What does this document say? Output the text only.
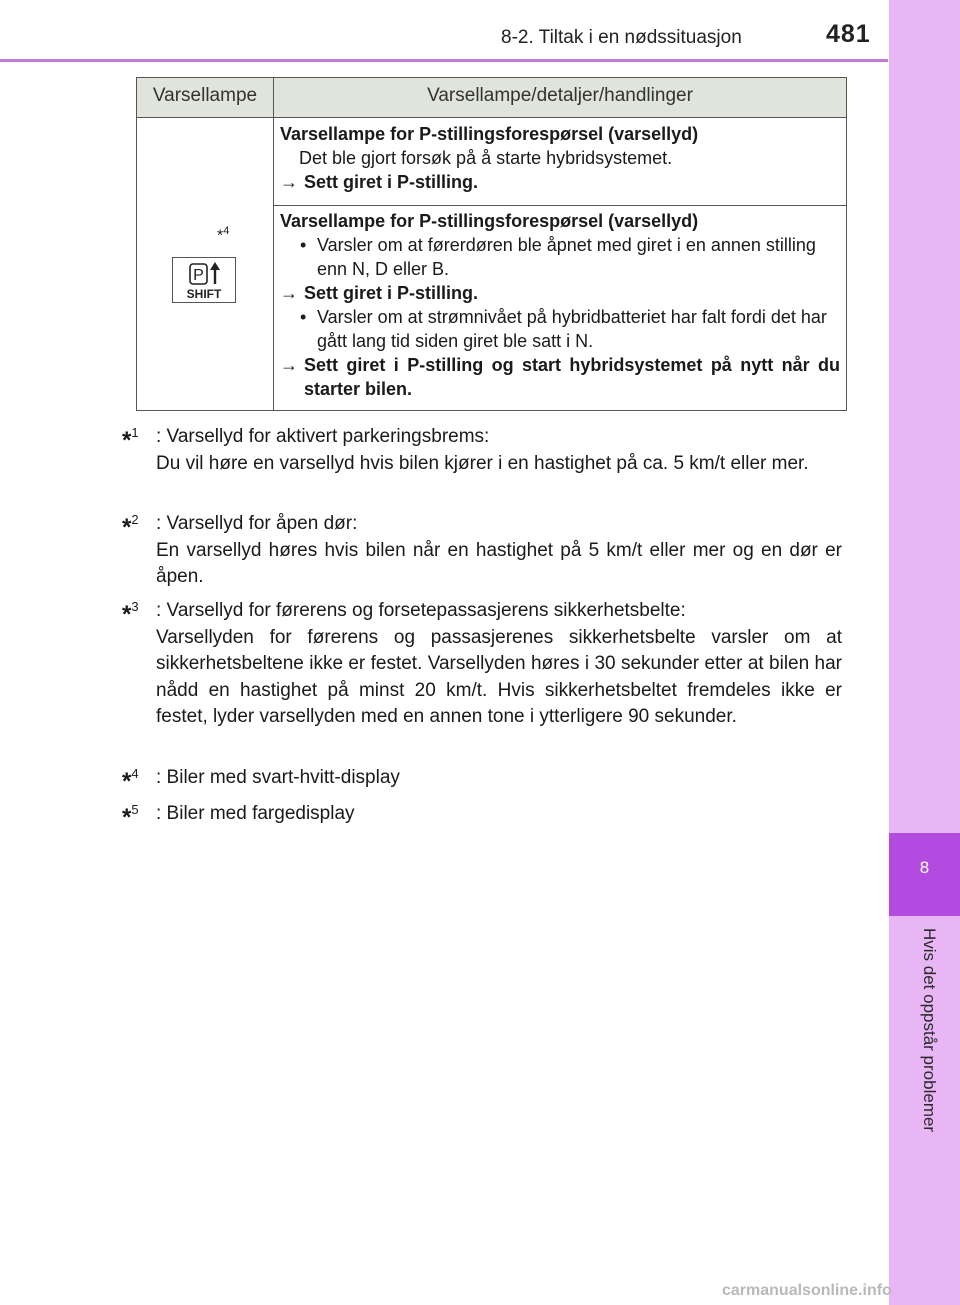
8-2. Tiltak i en nødssituasjon	481
8
Hvis det oppstår problemer
Varsellampe	Varsellampe/detaljer/handlinger
*$^4$
P
SHIFT
Varsellampe for P-stillingsforespørsel (varsellyd)
Det ble gjort forsøk på å starte hybridsystemet.
→ Sett giret i P-stilling.
Varsellampe for P-stillingsforespørsel (varsellyd)
• Varsler om at førerdøren ble åpnet med giret i en annen stilling enn N, D eller B.
→ Sett giret i P-stilling.
• Varsler om at strømnivået på hybridbatteriet har falt fordi det har gått lang tid siden giret ble satt i N.
→ Sett giret i P-stilling og start hybridsystemet på nytt når du starter bilen.
*$^1$ : Varsellyd for aktivert parkeringsbrems:
Du vil høre en varsellyd hvis bilen kjører i en hastighet på ca. 5 km/t eller mer.
*$^2$ : Varsellyd for åpen dør:
En varsellyd høres hvis bilen når en hastighet på 5 km/t eller mer og en dør er åpen.
*$^3$ : Varsellyd for førerens og forsetepassasjerens sikkerhetsbelte:
Varsellyden for førerens og passasjerenes sikkerhetsbelte varsler om at sikkerhetsbeltene ikke er festet. Varsellyden høres i 30 sekunder etter at bilen har nådd en hastighet på minst 20 km/t. Hvis sikkerhetsbeltet fremdeles ikke er festet, lyder varsellyden med en annen tone i ytterligere 90 sekunder.
*$^4$ : Biler med svart-hvitt-display
*$^5$ : Biler med fargedisplay
carmanualsonline.info
